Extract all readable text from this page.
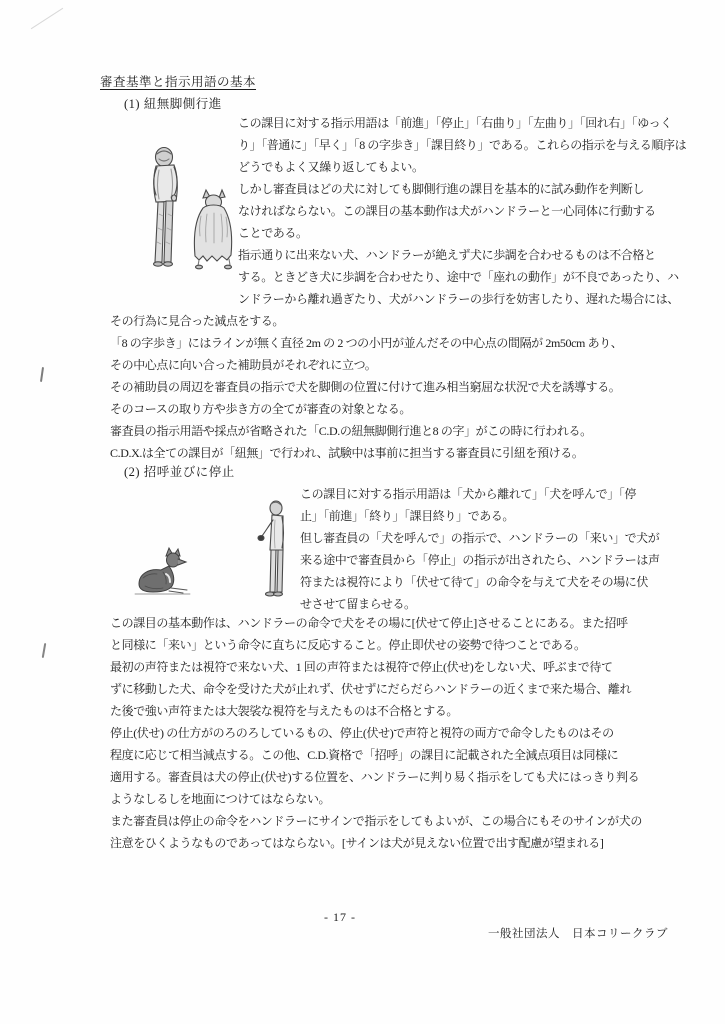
審査基準と指示用語の基本
(1) 紐無脚側行進
(2) 招呼並びに停止
この課目に対する指示用語は「前進」「停止」「右曲り」「左曲り」「回れ右」「ゆっく
り」「普通に」「早く」「8 の字歩き」「課目終り」である。これらの指示を与える順序は
どうでもよく又繰り返してもよい。
しかし審査員はどの犬に対しても脚側行進の課目を基本的に試み動作を判断し
なければならない。この課目の基本動作は犬がハンドラーと一心同体に行動する
ことである。
指示通りに出来ない犬、ハンドラーが絶えず犬に歩調を合わせるものは不合格と
する。ときどき犬に歩調を合わせたり、途中で「座れの動作」が不良であったり、ハ
ンドラーから離れ過ぎたり、犬がハンドラーの歩行を妨害したり、遅れた場合には、
その行為に見合った減点をする。
「8 の字歩き」にはラインが無く直径 2m の 2 つの小円が並んだその中心点の間隔が 2m50cm あり、
その中心点に向い合った補助員がそれぞれに立つ。
その補助員の周辺を審査員の指示で犬を脚側の位置に付けて進み相当窮屈な状況で犬を誘導する。
そのコースの取り方や歩き方の全てが審査の対象となる。
審査員の指示用語や採点が省略された「C.D.の紐無脚側行進と8 の字」がこの時に行われる。
C.D.X.は全ての課目が「紐無」で行われ、試験中は事前に担当する審査員に引紐を預ける。
この課目に対する指示用語は「犬から離れて」「犬を呼んで」「停
止」「前進」「終り」「課目終り」である。
但し審査員の「犬を呼んで」の指示で、ハンドラーの「来い」で犬が
来る途中で審査員から「停止」の指示が出されたら、ハンドラーは声
符または視符により「伏せて待て」の命令を与えて犬をその場に伏
せさせて留まらせる。
この課目の基本動作は、ハンドラーの命令で犬をその場に[伏せて停止]させることにある。また招呼
と同様に「来い」という命令に直ちに反応すること。停止即伏せの姿勢で待つことである。
最初の声符または視符で来ない犬、1 回の声符または視符で停止(伏せ)をしない犬、呼ぶまで待て
ずに移動した犬、命令を受けた犬が止れず、伏せずにだらだらハンドラーの近くまで来た場合、離れ
た後で強い声符または大袈裟な視符を与えたものは不合格とする。
停止(伏せ) の仕方がのろのろしているもの、停止(伏せ)で声符と視符の両方で命令したものはその
程度に応じて相当減点する。この他、C.D.資格で「招呼」の課目に記載された全減点項目は同様に
適用する。審査員は犬の停止(伏せ)する位置を、ハンドラーに判り易く指示をしても犬にはっきり判る
ようなしるしを地面につけてはならない。
また審査員は停止の命令をハンドラーにサインで指示をしてもよいが、この場合にもそのサインが犬の
注意をひくようなものであってはならない。[サインは犬が見えない位置で出す配慮が望まれる]
- 17 -
一般社団法人　日本コリークラブ
